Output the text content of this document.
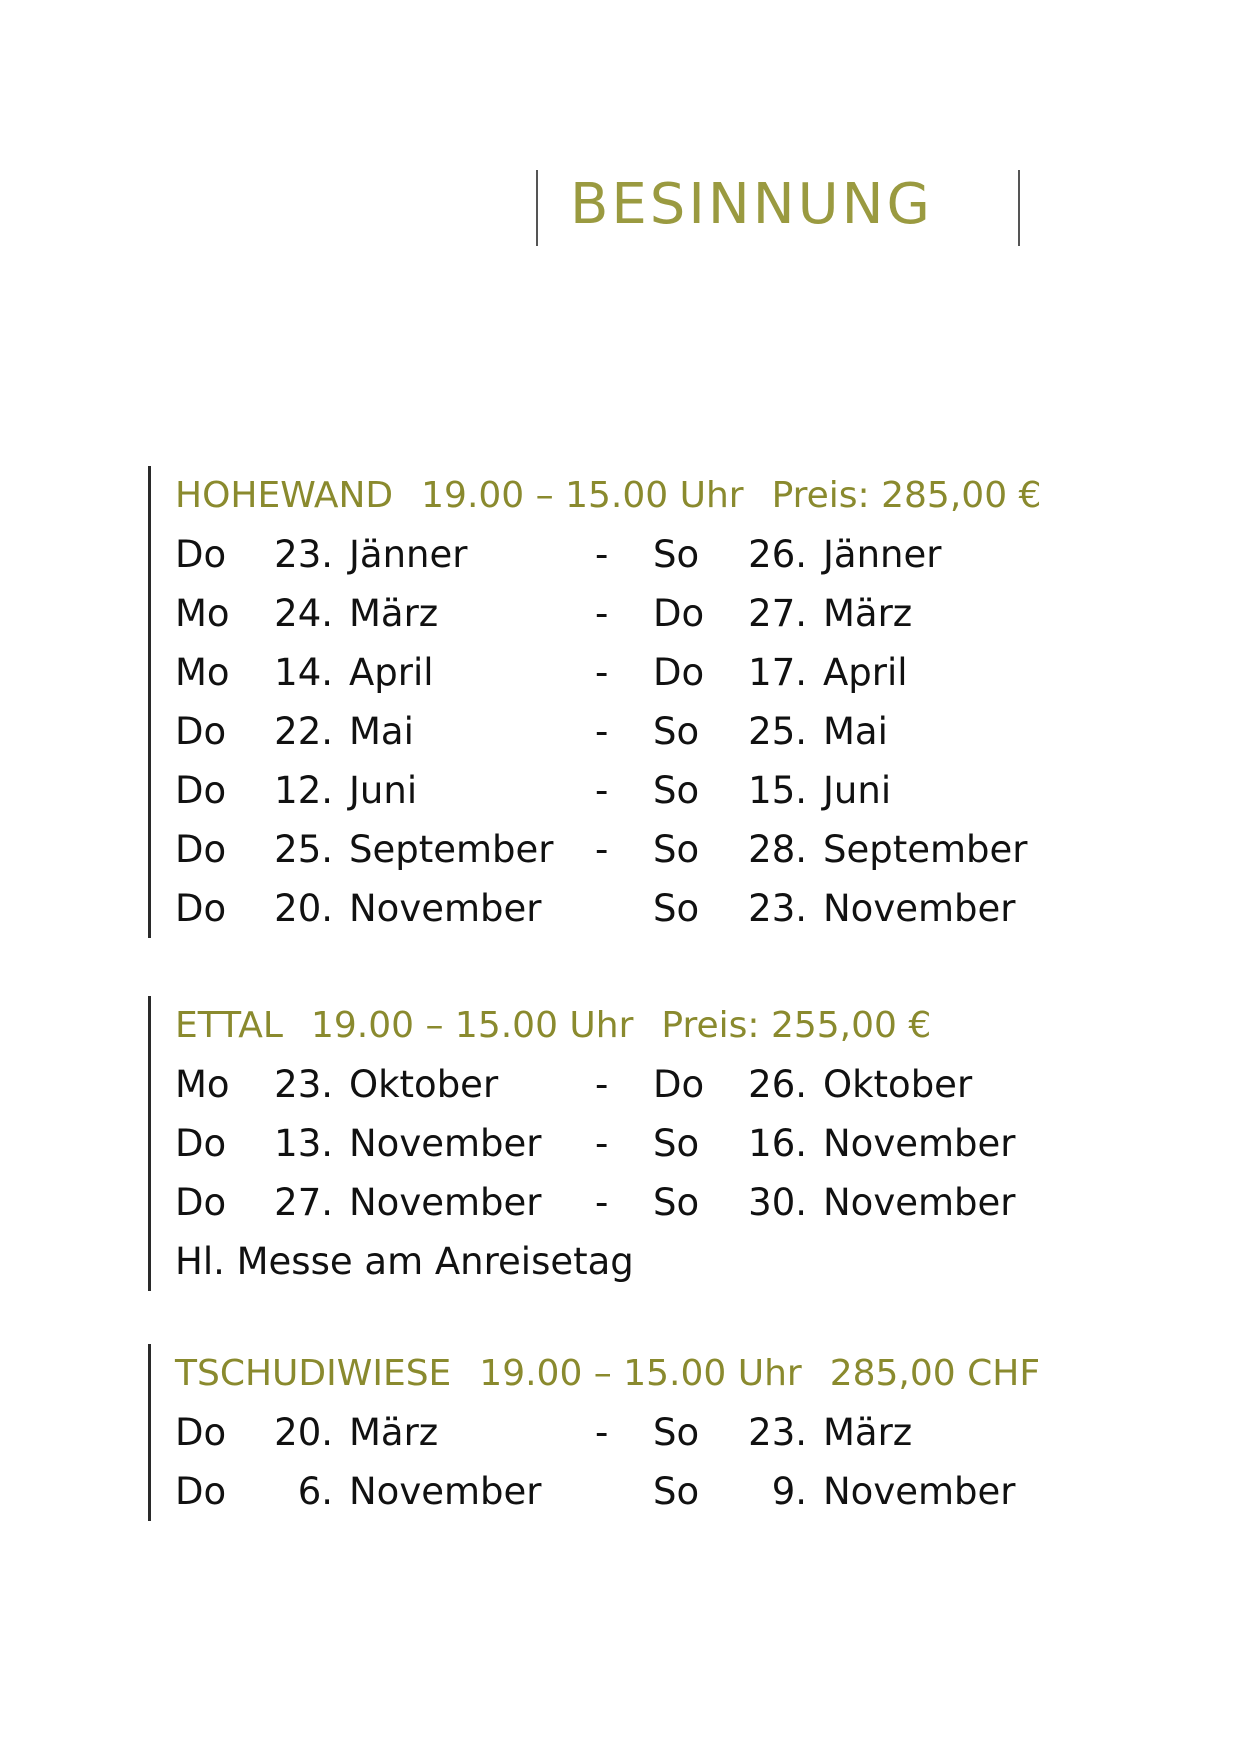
BESINNUNG
HOHEWAND 19.00 – 15.00 Uhr Preis: 285,00 €
Do	23. Jänner	- So	26. Jänner
Mo	24. März	- Do	27. März
Mo	14. April	- Do	17. April
Do	22. Mai	- So	25. Mai
Do	12. Juni	- So	15. Juni
Do	25. September - So	28. September
Do	20. November	So	23. November
ETTAL 19.00 – 15.00 Uhr Preis: 255,00 €
Mo	23. Oktober	- Do	26. Oktober
Do	13. November - So	16. November
Do	27. November - So	30. November
Hl. Messe am Anreisetag
TSCHUDIWIESE 19.00 – 15.00 Uhr 285,00 CHF
Do	20. März	- So	23. März
Do	6. November	So	9. November
